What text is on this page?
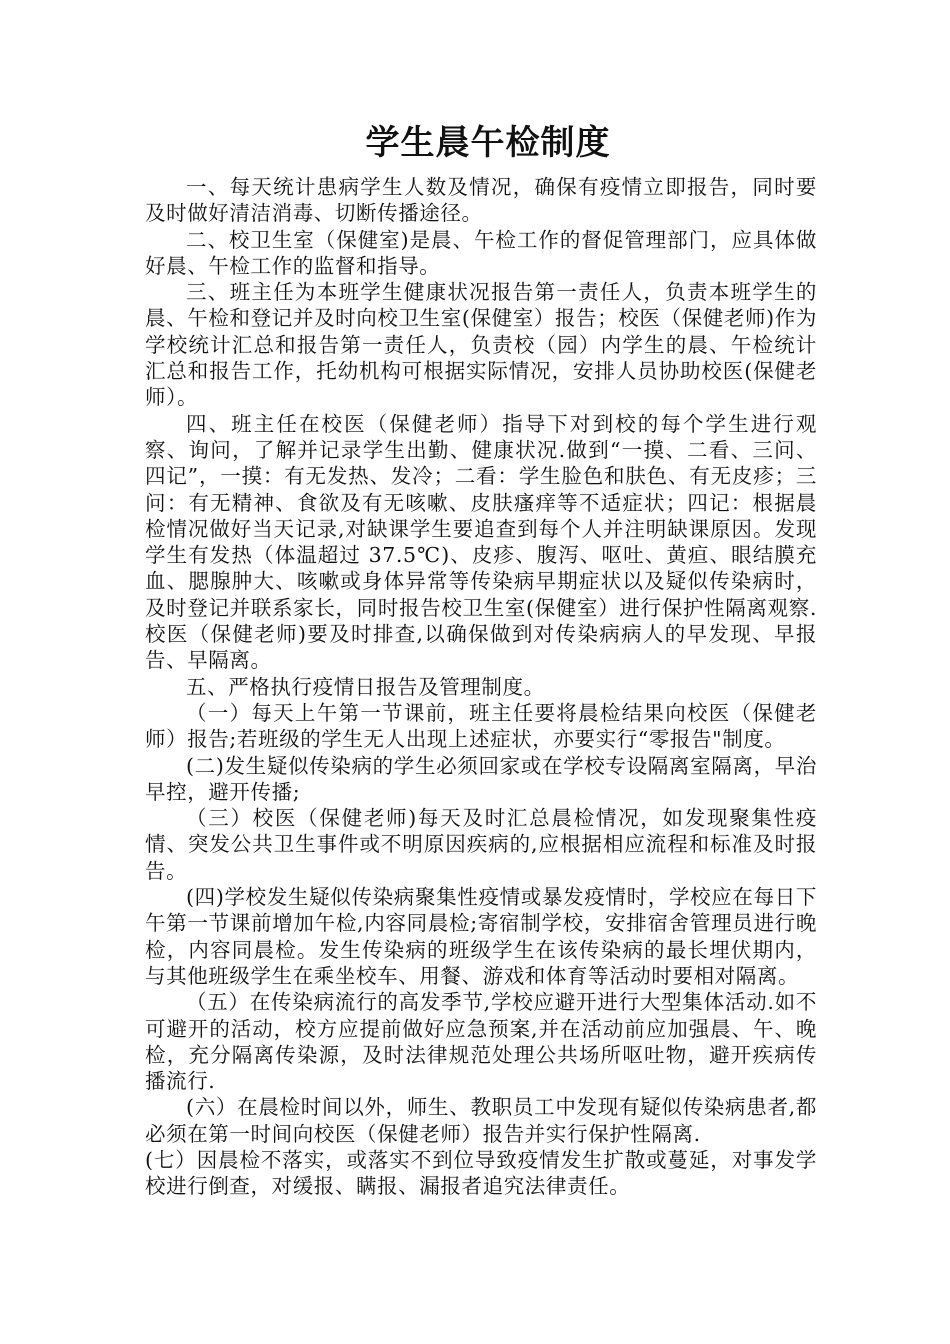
学生晨午检制度

一、每天统计患病学生人数及情况，确保有疫情立即报告，同时要及时做好清洁消毒、切断传播途径。

二、校卫生室（保健室)是晨、午检工作的督促管理部门，应具体做好晨、午检工作的监督和指导。

三、班主任为本班学生健康状况报告第一责任人，负责本班学生的晨、午检和登记并及时向校卫生室(保健室）报告；校医（保健老师)作为学校统计汇总和报告第一责任人，负责校（园）内学生的晨、午检统计汇总和报告工作，托幼机构可根据实际情况，安排人员协助校医(保健老师）。

四、班主任在校医（保健老师）指导下对到校的每个学生进行观察、询问，了解并记录学生出勤、健康状况.做到“一摸、二看、三问、四记”，一摸：有无发热、发冷；二看：学生脸色和肤色、有无皮疹；三问：有无精神、食欲及有无咳嗽、皮肤瘙痒等不适症状；四记：根据晨检情况做好当天记录,对缺课学生要追查到每个人并注明缺课原因。发现学生有发热（体温超过 37.5℃)、皮疹、腹泻、呕吐、黄疸、眼结膜充血、腮腺肿大、咳嗽或身体异常等传染病早期症状以及疑似传染病时，及时登记并联系家长，同时报告校卫生室(保健室）进行保护性隔离观察.校医（保健老师)要及时排查,以确保做到对传染病病人的早发现、早报告、早隔离。

五、严格执行疫情日报告及管理制度。

（一）每天上午第一节课前，班主任要将晨检结果向校医（保健老师）报告;若班级的学生无人出现上述症状，亦要实行“零报告"制度。

(二)发生疑似传染病的学生必须回家或在学校专设隔离室隔离，早治早控，避开传播;

（三）校医（保健老师)每天及时汇总晨检情况，如发现聚集性疫情、突发公共卫生事件或不明原因疾病的,应根据相应流程和标准及时报告。

(四)学校发生疑似传染病聚集性疫情或暴发疫情时，学校应在每日下午第一节课前增加午检,内容同晨检;寄宿制学校，安排宿舍管理员进行晚检，内容同晨检。发生传染病的班级学生在该传染病的最长埋伏期内，与其他班级学生在乘坐校车、用餐、游戏和体育等活动时要相对隔离。

（五）在传染病流行的高发季节,学校应避开进行大型集体活动.如不可避开的活动，校方应提前做好应急预案,并在活动前应加强晨、午、晚检，充分隔离传染源，及时法律规范处理公共场所呕吐物，避开疾病传播流行.

(六）在晨检时间以外，师生、教职员工中发现有疑似传染病患者,都必须在第一时间向校医（保健老师）报告并实行保护性隔离.

(七）因晨检不落实，或落实不到位导致疫情发生扩散或蔓延，对事发学校进行倒查，对缓报、瞒报、漏报者追究法律责任。
